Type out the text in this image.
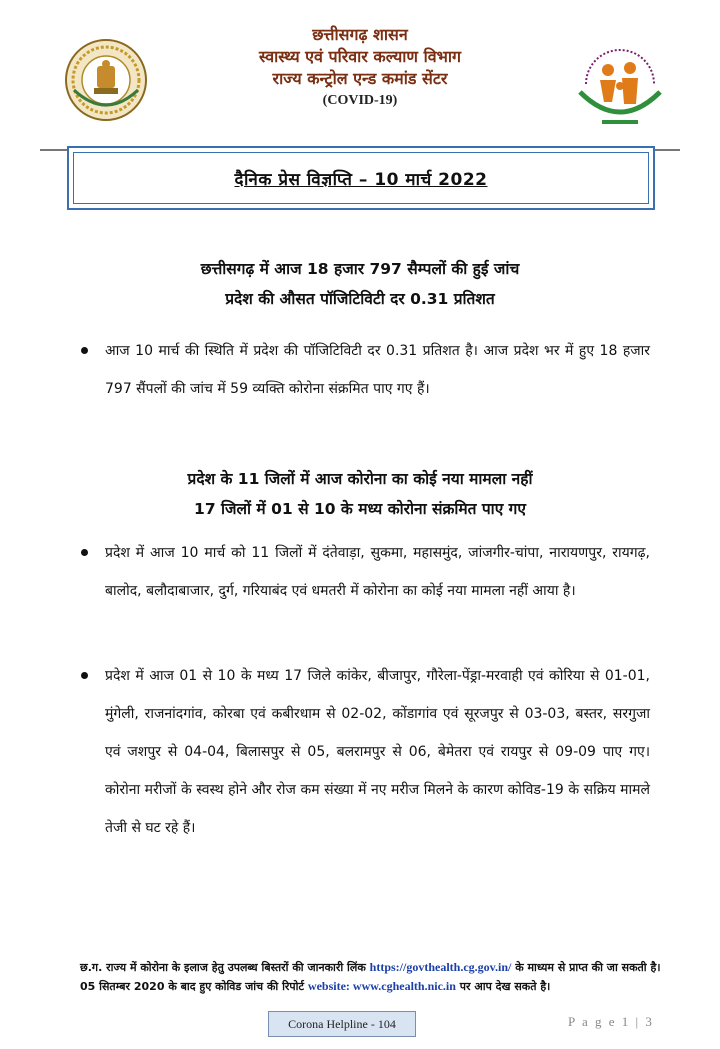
छत्तीसगढ़ शासन
स्वास्थ्य एवं परिवार कल्याण विभाग
राज्य कन्ट्रोल एन्ड कमांड सेंटर
(COVID-19)
दैनिक प्रेस विज्ञप्ति – 10 मार्च 2022
छत्तीसगढ़ में आज 18 हजार 797 सैम्पलों की हुई जांच
प्रदेश की औसत पॉजिटिविटी दर 0.31 प्रतिशत
आज 10 मार्च की स्थिति में प्रदेश की पॉजिटिविटी दर 0.31 प्रतिशत है। आज प्रदेश भर में हुए 18 हजार 797 सैंपलों की जांच में 59 व्यक्ति कोरोना संक्रमित पाए गए हैं।
प्रदेश के 11 जिलों में आज कोरोना का कोई नया मामला नहीं
17 जिलों में 01 से 10 के मध्य कोरोना संक्रमित पाए गए
प्रदेश में आज 10 मार्च को 11 जिलों में दंतेवाड़ा, सुकमा, महासमुंद, जांजगीर-चांपा, नारायणपुर, रायगढ़, बालोद, बलौदाबाजार, दुर्ग, गरियाबंद एवं धमतरी में कोरोना का कोई नया मामला नहीं आया है।
प्रदेश में आज 01 से 10 के मध्य 17 जिले कांकेर, बीजापुर, गौरेला-पेंड्रा-मरवाही एवं कोरिया से 01-01, मुंगेली, राजनांदगांव, कोरबा एवं कबीरधाम से 02-02, कोंडागांव एवं सूरजपुर से 03-03, बस्तर, सरगुजा एवं जशपुर से 04-04, बिलासपुर से 05, बलरामपुर से 06, बेमेतरा एवं रायपुर से 09-09 पाए गए। कोरोना मरीजों के स्वस्थ होने और रोज कम संख्या में नए मरीज मिलने के कारण कोविड-19 के सक्रिय मामले तेजी से घट रहे हैं।
छ.ग. राज्य में कोरोना के इलाज हेतु उपलब्ध बिस्तरों की जानकारी लिंक https://govthealth.cg.gov.in/ के माध्यम से प्राप्त की जा सकती है।
05 सितम्बर 2020 के बाद हुए कोविड जांच की रिपोर्ट website: www.cghealth.nic.in पर आप देख सकते है।
Corona Helpline - 104	P a g e 1 | 3
